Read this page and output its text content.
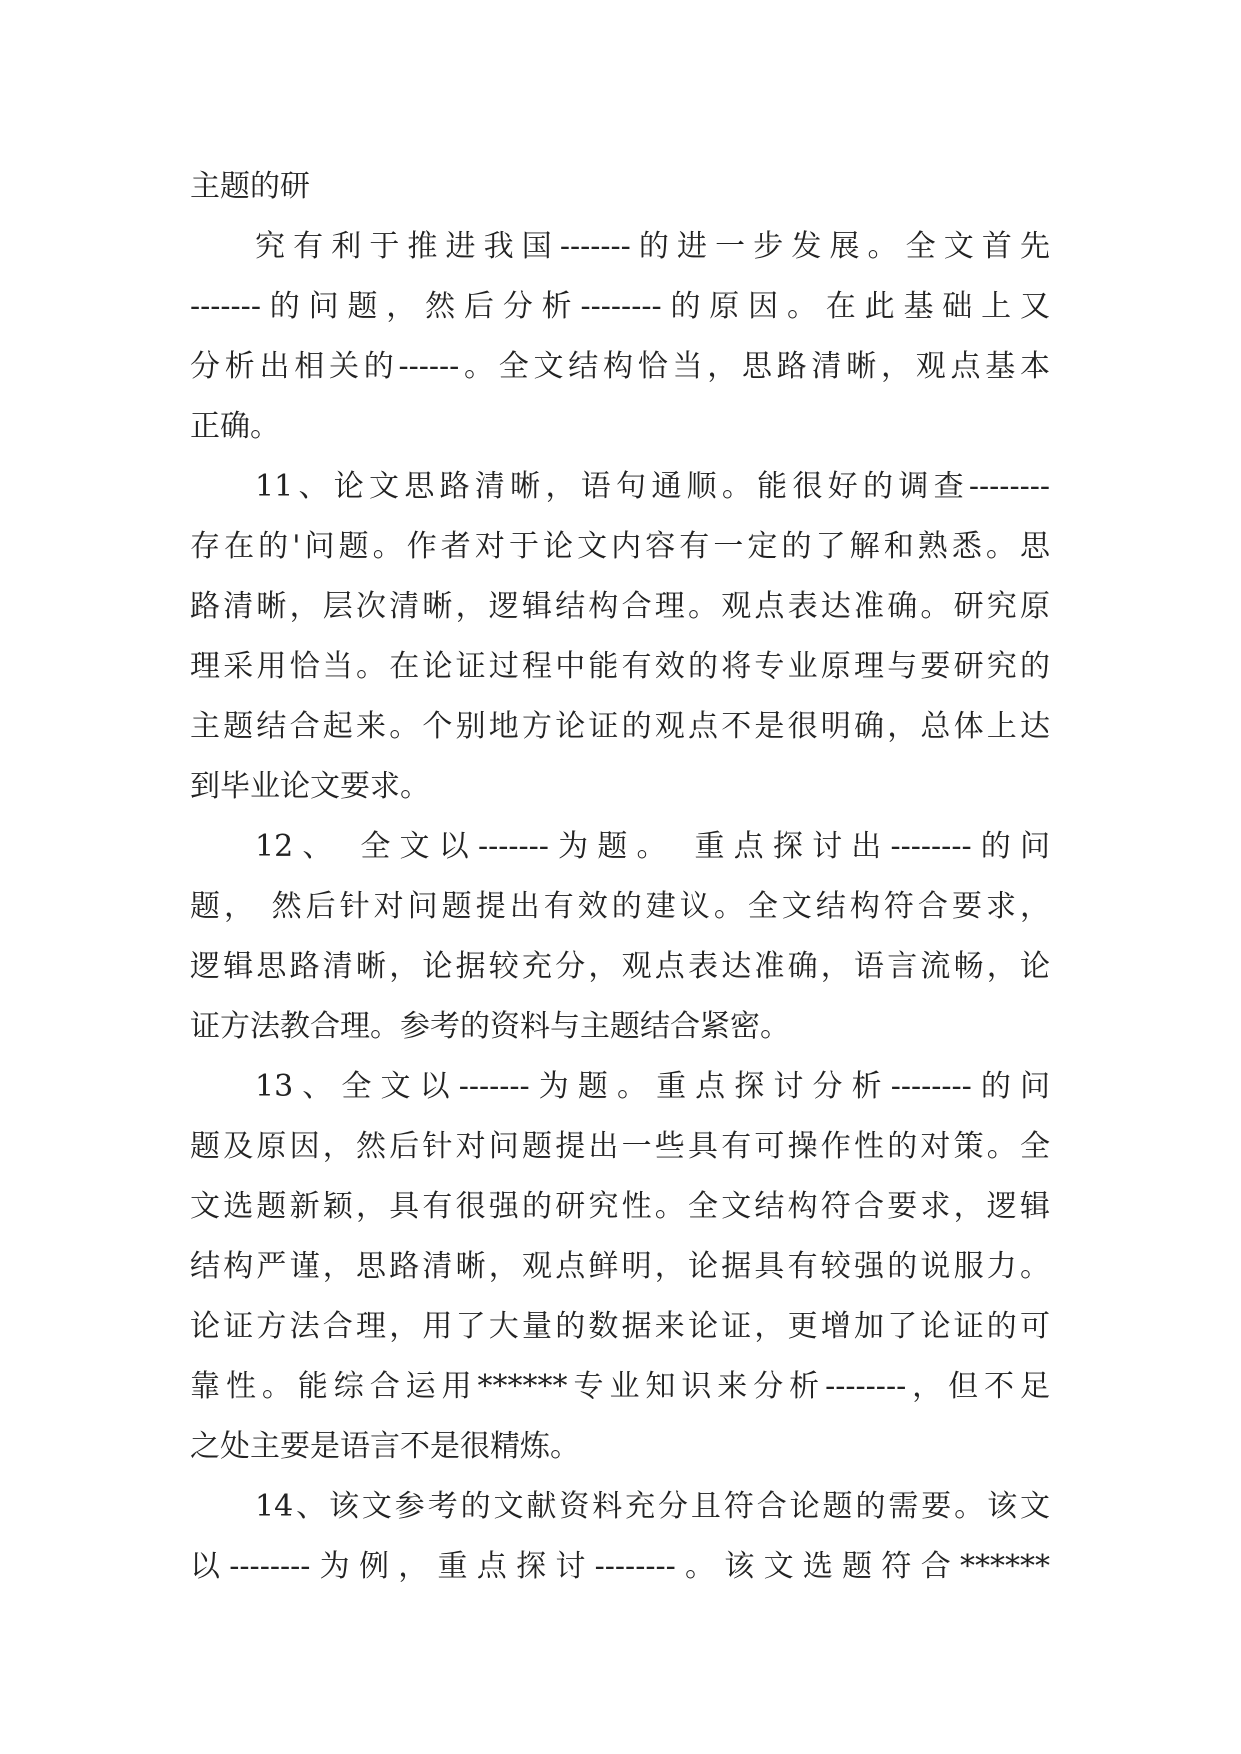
主题的研
究有利于推进我国-------的进一步发展。全文首先
-------的问题，然后分析--------的原因。在此基础上又
分析出相关的------。全文结构恰当，思路清晰，观点基本
正确。
11、论文思路清晰，语句通顺。能很好的调查--------
存在的'问题。作者对于论文内容有一定的了解和熟悉。思
路清晰，层次清晰，逻辑结构合理。观点表达准确。研究原
理采用恰当。在论证过程中能有效的将专业原理与要研究的
主题结合起来。个别地方论证的观点不是很明确，总体上达
到毕业论文要求。
12、 全文以-------为题。 重点探讨出--------的问
题， 然后针对问题提出有效的建议。全文结构符合要求，
逻辑思路清晰，论据较充分，观点表达准确，语言流畅，论
证方法教合理。参考的资料与主题结合紧密。
13、全文以-------为题。重点探讨分析--------的问
题及原因，然后针对问题提出一些具有可操作性的对策。全
文选题新颖，具有很强的研究性。全文结构符合要求，逻辑
结构严谨，思路清晰，观点鲜明，论据具有较强的说服力。
论证方法合理，用了大量的数据来论证，更增加了论证的可
靠性。能综合运用******专业知识来分析--------，但不足
之处主要是语言不是很精炼。
14、该文参考的文献资料充分且符合论题的需要。该文
以--------为例，重点探讨--------。该文选题符合******
